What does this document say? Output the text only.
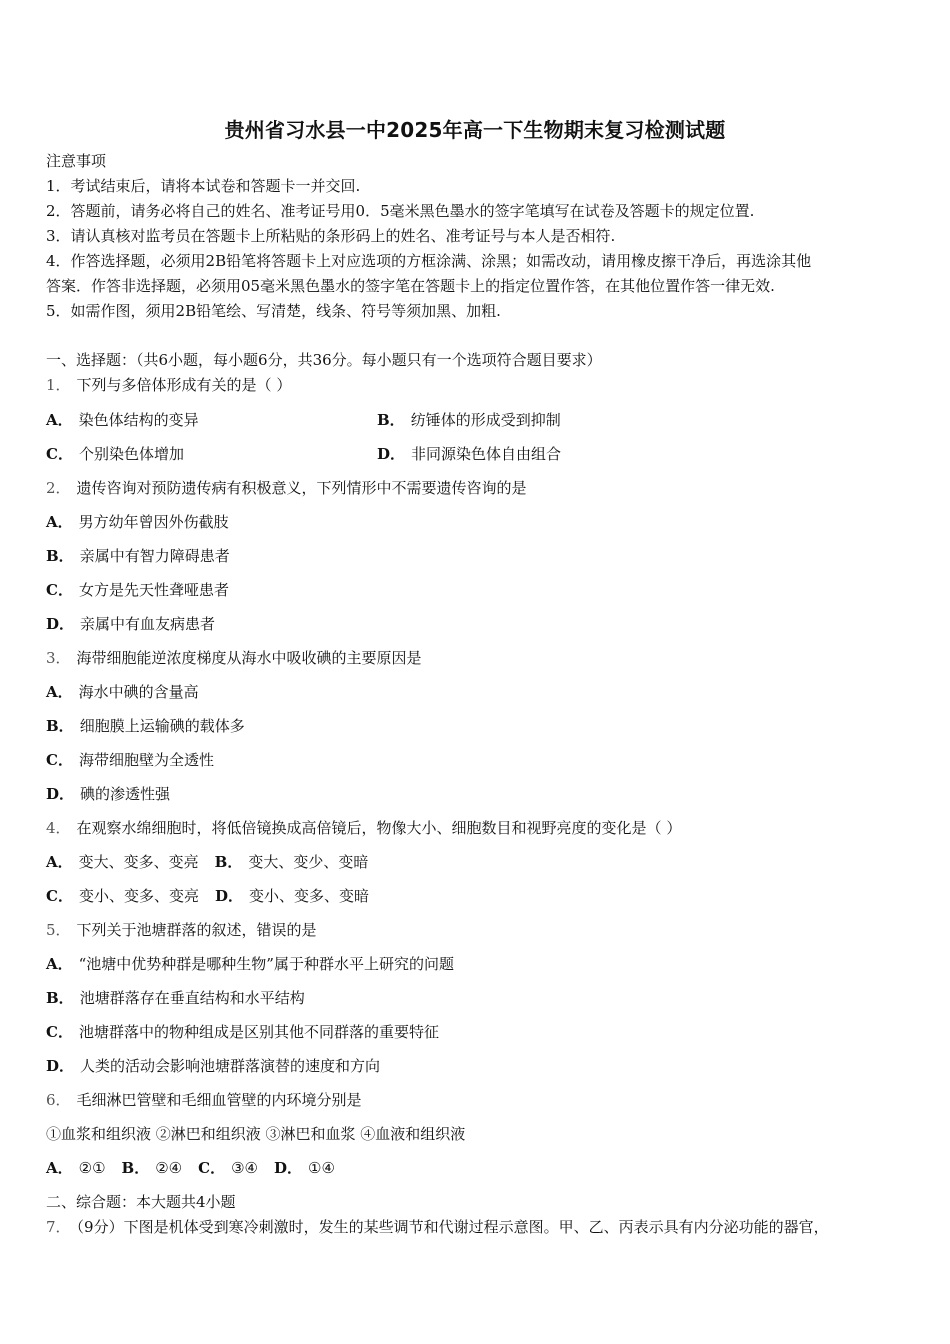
贵州省习水县一中2025年高一下生物期末复习检测试题
注意事项
1．考试结束后，请将本试卷和答题卡一并交回.
2．答题前，请务必将自己的姓名、准考证号用0．5毫米黑色墨水的签字笔填写在试卷及答题卡的规定位置.
3．请认真核对监考员在答题卡上所粘贴的条形码上的姓名、准考证号与本人是否相符.
4．作答选择题，必须用2B铅笔将答题卡上对应选项的方框涂满、涂黑；如需改动，请用橡皮擦干净后，再选涂其他
答案．作答非选择题，必须用05毫米黑色墨水的签字笔在答题卡上的指定位置作答，在其他位置作答一律无效.
5．如需作图，须用2B铅笔绘、写清楚，线条、符号等须加黑、加粗.
一、选择题：（共6小题，每小题6分，共36分。每小题只有一个选项符合题目要求）
1． 下列与多倍体形成有关的是（ ）
A． 染色体结构的变异	B． 纺锤体的形成受到抑制
C． 个别染色体增加	D． 非同源染色体自由组合
2． 遗传咨询对预防遗传病有积极意义，下列情形中不需要遗传咨询的是
A． 男方幼年曾因外伤截肢
B． 亲属中有智力障碍患者
C． 女方是先天性聋哑患者
D． 亲属中有血友病患者
3． 海带细胞能逆浓度梯度从海水中吸收碘的主要原因是
A． 海水中碘的含量高
B． 细胞膜上运输碘的载体多
C． 海带细胞壁为全透性
D． 碘的渗透性强
4． 在观察水绵细胞时，将低倍镜换成高倍镜后，物像大小、细胞数目和视野亮度的变化是（ ）
A． 变大、变多、变亮 B． 变大、变少、变暗
C． 变小、变多、变亮 D． 变小、变多、变暗
5． 下列关于池塘群落的叙述，错误的是
A． “池塘中优势种群是哪种生物”属于种群水平上研究的问题
B． 池塘群落存在垂直结构和水平结构
C． 池塘群落中的物种组成是区别其他不同群落的重要特征
D． 人类的活动会影响池塘群落演替的速度和方向
6． 毛细淋巴管壁和毛细血管壁的内环境分别是
①血浆和组织液 ②淋巴和组织液 ③淋巴和血浆 ④血液和组织液
A． ②① B． ②④ C． ③④ D． ①④
二、综合题：本大题共4小题
7． （9分）下图是机体受到寒冷刺激时，发生的某些调节和代谢过程示意图。甲、乙、丙表示具有内分泌功能的器官，
